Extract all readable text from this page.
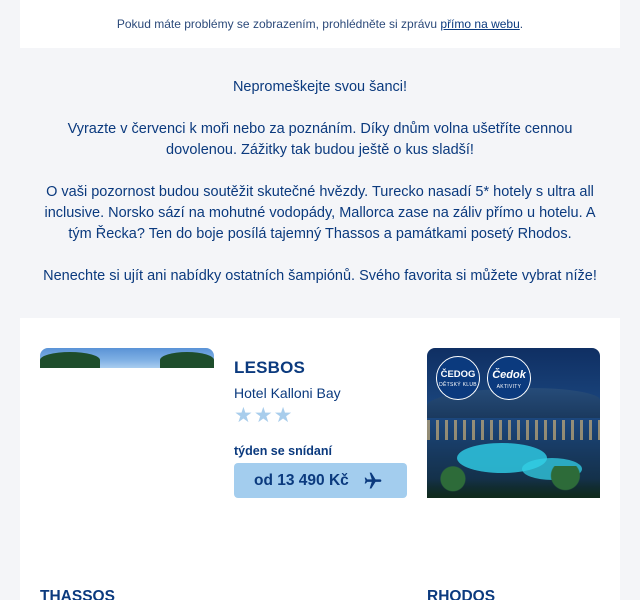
Pokud máte problémy se zobrazením, prohlédněte si zprávu přímo na webu.

Nepromeškejte svou šanci!

Vyrazte v červenci k moři nebo za poznáním. Díky dnům volna ušetříte cennou dovolenou. Zážitky tak budou ještě o kus sladší!

O vaši pozornost budou soutěžit skutečné hvězdy. Turecko nasadí 5* hotely s ultra all inclusive. Norsko sází na mohutné vodopády, Mallorca zase na záliv přímo u hotelu. A tým Řecka? Ten do boje posílá tajemný Thassos a památkami posetý Rhodos.

Nenechte si ujít ani nabídky ostatních šampiónů. Svého favorita si můžete vybrat níže!

LESBOS
Hotel Kalloni Bay
★★★
týden se snídaní
od 13 490 Kč
ČEDOG
DĚTSKÝ KLUB
Čedok
AKTIVITY
THASSOS	RHODOS
